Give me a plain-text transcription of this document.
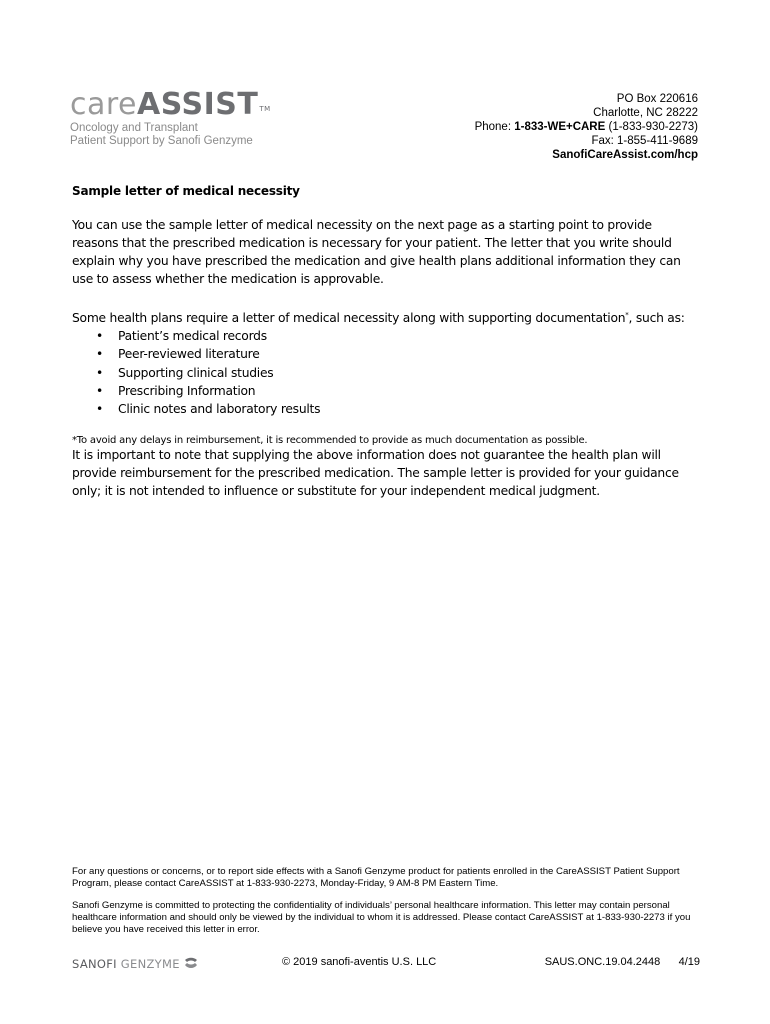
careASSIST™
Oncology and Transplant
Patient Support by Sanofi Genzyme
PO Box 220616
Charlotte, NC 28222
Phone: 1-833-WE+CARE (1-833-930-2273)
Fax: 1-855-411-9689
SanofiCareAssist.com/hcp
Sample letter of medical necessity

You can use the sample letter of medical necessity on the next page as a starting point to provide reasons that the prescribed medication is necessary for your patient. The letter that you write should explain why you have prescribed the medication and give health plans additional information they can use to assess whether the medication is approvable.

Some health plans require a letter of medical necessity along with supporting documentation*, such as:

• Patient’s medical records
• Peer-reviewed literature
• Supporting clinical studies
• Prescribing Information
• Clinic notes and laboratory results
*To avoid any delays in reimbursement, it is recommended to provide as much documentation as possible.

It is important to note that supplying the above information does not guarantee the health plan will provide reimbursement for the prescribed medication. The sample letter is provided for your guidance only; it is not intended to influence or substitute for your independent medical judgment.

For any questions or concerns, or to report side effects with a Sanofi Genzyme product for patients enrolled in the CareASSIST Patient Support Program, please contact CareASSIST at 1-833-930-2273, Monday-Friday, 9 AM-8 PM Eastern Time.

Sanofi Genzyme is committed to protecting the confidentiality of individuals’ personal healthcare information. This letter may contain personal healthcare information and should only be viewed by the individual to whom it is addressed. Please contact CareASSIST at 1-833-930-2273 if you believe you have received this letter in error.

SANOFI GENZYME	© 2019 sanofi-aventis U.S. LLC	SAUS.ONC.19.04.2448      4/19
